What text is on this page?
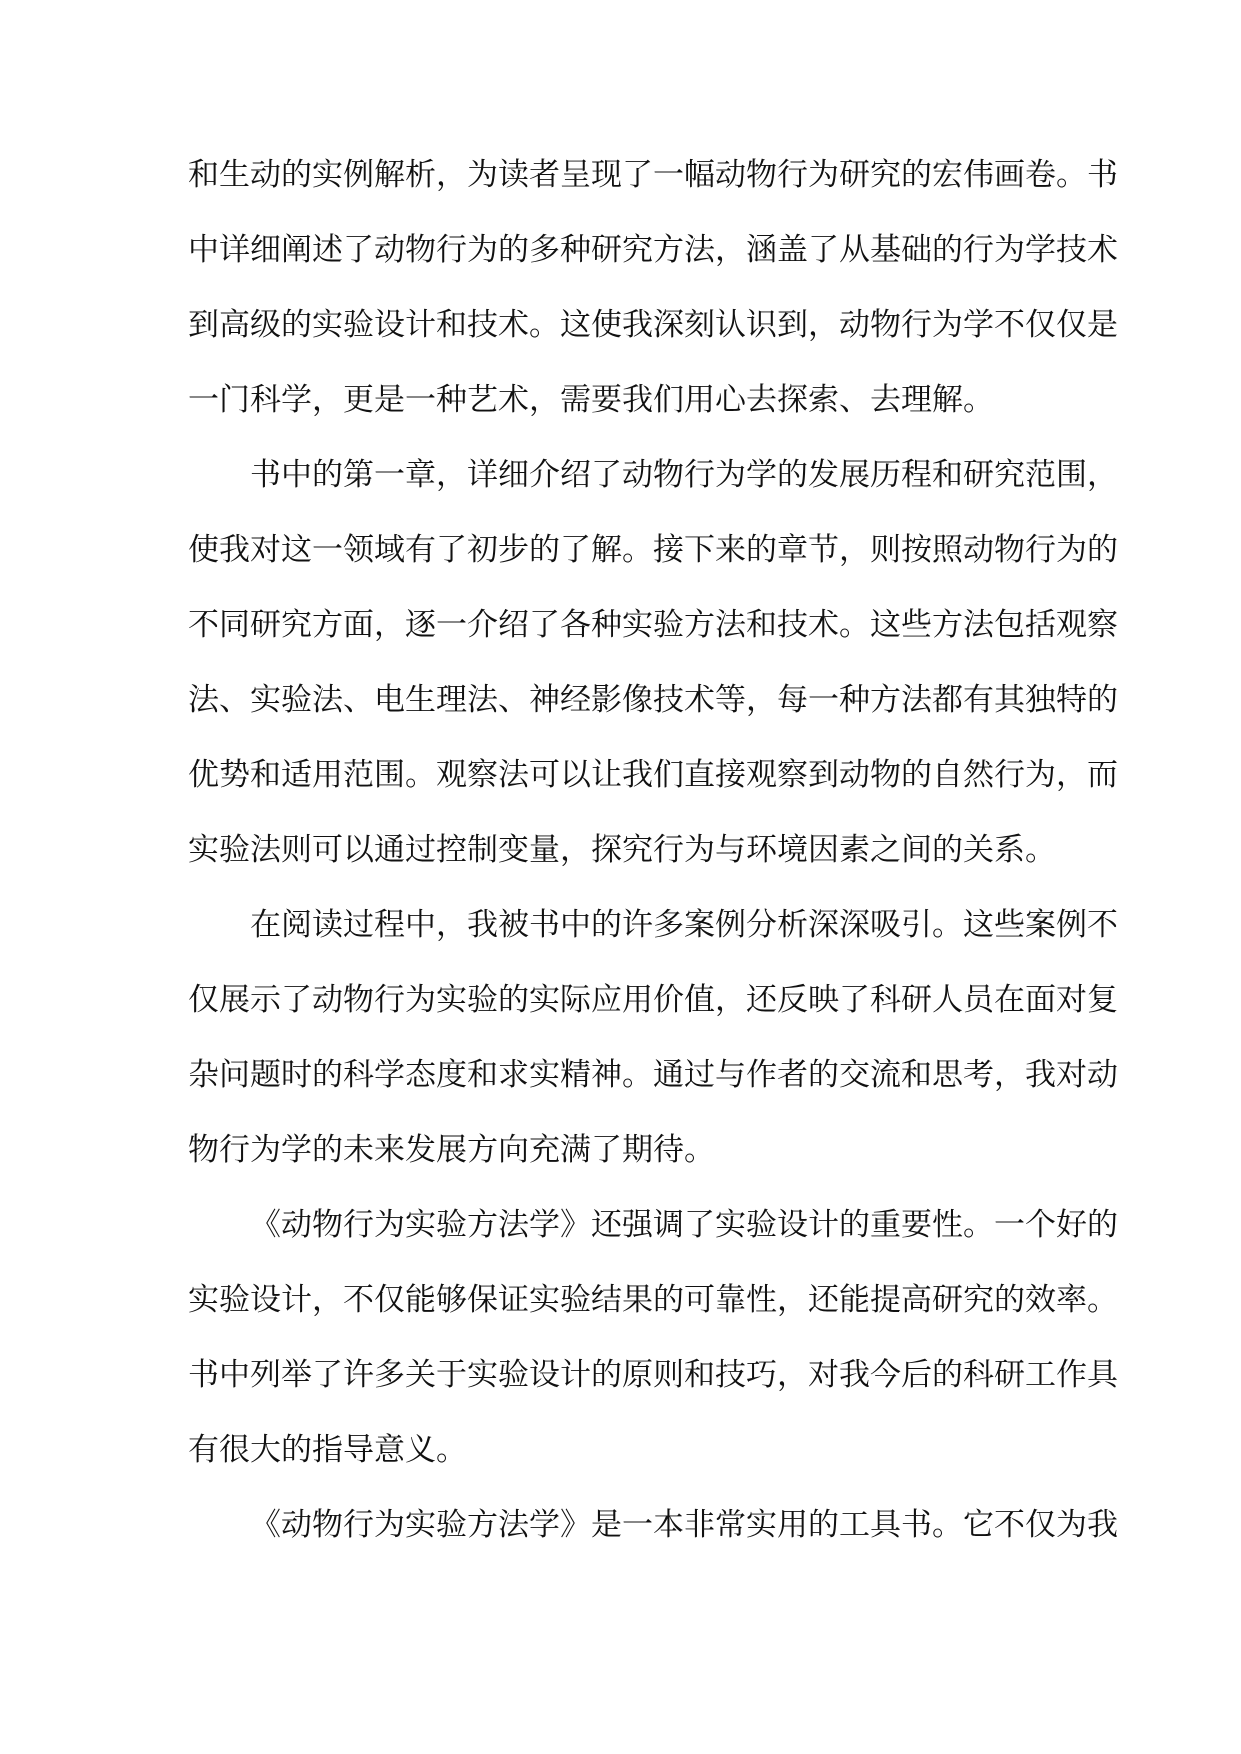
和生动的实例解析，为读者呈现了一幅动物行为研究的宏伟画卷。书
中详细阐述了动物行为的多种研究方法，涵盖了从基础的行为学技术
到高级的实验设计和技术。这使我深刻认识到，动物行为学不仅仅是
一门科学，更是一种艺术，需要我们用心去探索、去理解。
书中的第一章，详细介绍了动物行为学的发展历程和研究范围，
使我对这一领域有了初步的了解。接下来的章节，则按照动物行为的
不同研究方面，逐一介绍了各种实验方法和技术。这些方法包括观察
法、实验法、电生理法、神经影像技术等，每一种方法都有其独特的
优势和适用范围。观察法可以让我们直接观察到动物的自然行为，而
实验法则可以通过控制变量，探究行为与环境因素之间的关系。
在阅读过程中，我被书中的许多案例分析深深吸引。这些案例不
仅展示了动物行为实验的实际应用价值，还反映了科研人员在面对复
杂问题时的科学态度和求实精神。通过与作者的交流和思考，我对动
物行为学的未来发展方向充满了期待。
《动物行为实验方法学》还强调了实验设计的重要性。一个好的
实验设计，不仅能够保证实验结果的可靠性，还能提高研究的效率。
书中列举了许多关于实验设计的原则和技巧，对我今后的科研工作具
有很大的指导意义。
《动物行为实验方法学》是一本非常实用的工具书。它不仅为我
